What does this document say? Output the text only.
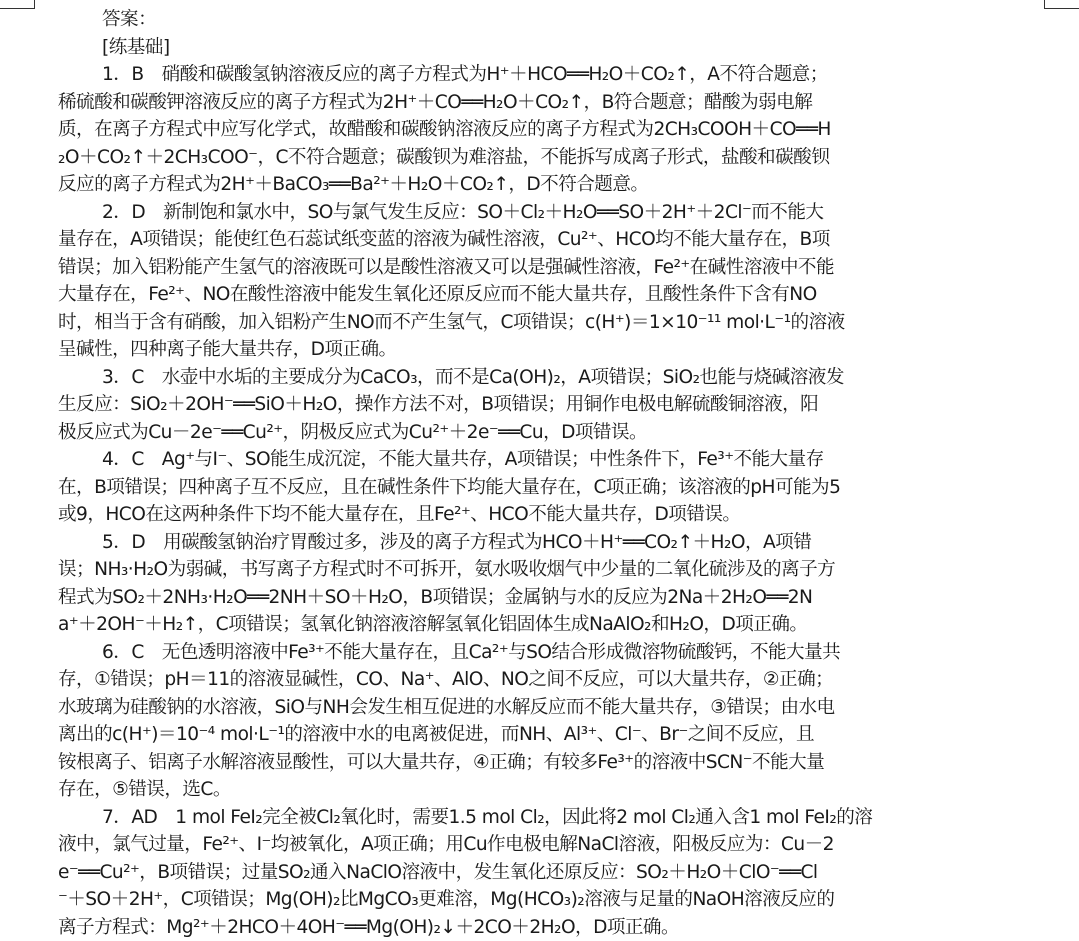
答案：
[练基础]
1．B　硝酸和碳酸氢钠溶液反应的离子方程式为H⁺＋HCO══H₂O＋CO₂↑，A不符合题意；
稀硫酸和碳酸钾溶液反应的离子方程式为2H⁺＋CO══H₂O＋CO₂↑，B符合题意；醋酸为弱电解
质，在离子方程式中应写化学式，故醋酸和碳酸钠溶液反应的离子方程式为2CH₃COOH＋CO══H
₂O＋CO₂↑＋2CH₃COO⁻，C不符合题意；碳酸钡为难溶盐，不能拆写成离子形式，盐酸和碳酸钡
反应的离子方程式为2H⁺＋BaCO₃══Ba²⁺＋H₂O＋CO₂↑，D不符合题意。
2．D　新制饱和氯水中，SO与氯气发生反应：SO＋Cl₂＋H₂O══SO＋2H⁺＋2Cl⁻而不能大
量存在，A项错误；能使红色石蕊试纸变蓝的溶液为碱性溶液，Cu²⁺、HCO均不能大量存在，B项
错误；加入铝粉能产生氢气的溶液既可以是酸性溶液又可以是强碱性溶液，Fe²⁺在碱性溶液中不能
大量存在，Fe²⁺、NO在酸性溶液中能发生氧化还原反应而不能大量共存，且酸性条件下含有NO
时，相当于含有硝酸，加入铝粉产生NO而不产生氢气，C项错误；c(H⁺)＝1×10⁻¹¹ mol·L⁻¹的溶液
呈碱性，四种离子能大量共存，D项正确。
3．C　水壶中水垢的主要成分为CaCO₃，而不是Ca(OH)₂，A项错误；SiO₂也能与烧碱溶液发
生反应：SiO₂＋2OH⁻══SiO＋H₂O，操作方法不对，B项错误；用铜作电极电解硫酸铜溶液，阳
极反应式为Cu－2e⁻══Cu²⁺，阴极反应式为Cu²⁺＋2e⁻══Cu，D项错误。
4．C　Ag⁺与I⁻、SO能生成沉淀，不能大量共存，A项错误；中性条件下，Fe³⁺不能大量存
在，B项错误；四种离子互不反应，且在碱性条件下均能大量存在，C项正确；该溶液的pH可能为5
或9，HCO在这两种条件下均不能大量存在，且Fe²⁺、HCO不能大量共存，D项错误。
5．D　用碳酸氢钠治疗胃酸过多，涉及的离子方程式为HCO＋H⁺══CO₂↑＋H₂O，A项错
误；NH₃·H₂O为弱碱，书写离子方程式时不可拆开，氨水吸收烟气中少量的二氧化硫涉及的离子方
程式为SO₂＋2NH₃·H₂O══2NH＋SO＋H₂O，B项错误；金属钠与水的反应为2Na＋2H₂O══2N
a⁺＋2OH⁻＋H₂↑，C项错误；氢氧化钠溶液溶解氢氧化铝固体生成NaAlO₂和H₂O，D项正确。
6．C　无色透明溶液中Fe³⁺不能大量存在，且Ca²⁺与SO结合形成微溶物硫酸钙，不能大量共
存，①错误；pH＝11的溶液显碱性，CO、Na⁺、AlO、NO之间不反应，可以大量共存，②正确；
水玻璃为硅酸钠的水溶液，SiO与NH会发生相互促进的水解反应而不能大量共存，③错误；由水电
离出的c(H⁺)＝10⁻⁴ mol·L⁻¹的溶液中水的电离被促进，而NH、Al³⁺、Cl⁻、Br⁻之间不反应，且
铵根离子、铝离子水解溶液显酸性，可以大量共存，④正确；有较多Fe³⁺的溶液中SCN⁻不能大量
存在，⑤错误，选C。
7．AD　1 mol FeI₂完全被Cl₂氧化时，需要1.5 mol Cl₂，因此将2 mol Cl₂通入含1 mol FeI₂的溶
液中，氯气过量，Fe²⁺、I⁻均被氧化，A项正确；用Cu作电极电解NaCl溶液，阳极反应为：Cu－2
e⁻══Cu²⁺，B项错误；过量SO₂通入NaClO溶液中，发生氧化还原反应：SO₂＋H₂O＋ClO⁻══Cl
⁻＋SO＋2H⁺，C项错误；Mg(OH)₂比MgCO₃更难溶，Mg(HCO₃)₂溶液与足量的NaOH溶液反应的
离子方程式：Mg²⁺＋2HCO＋4OH⁻══Mg(OH)₂↓＋2CO＋2H₂O，D项正确。
